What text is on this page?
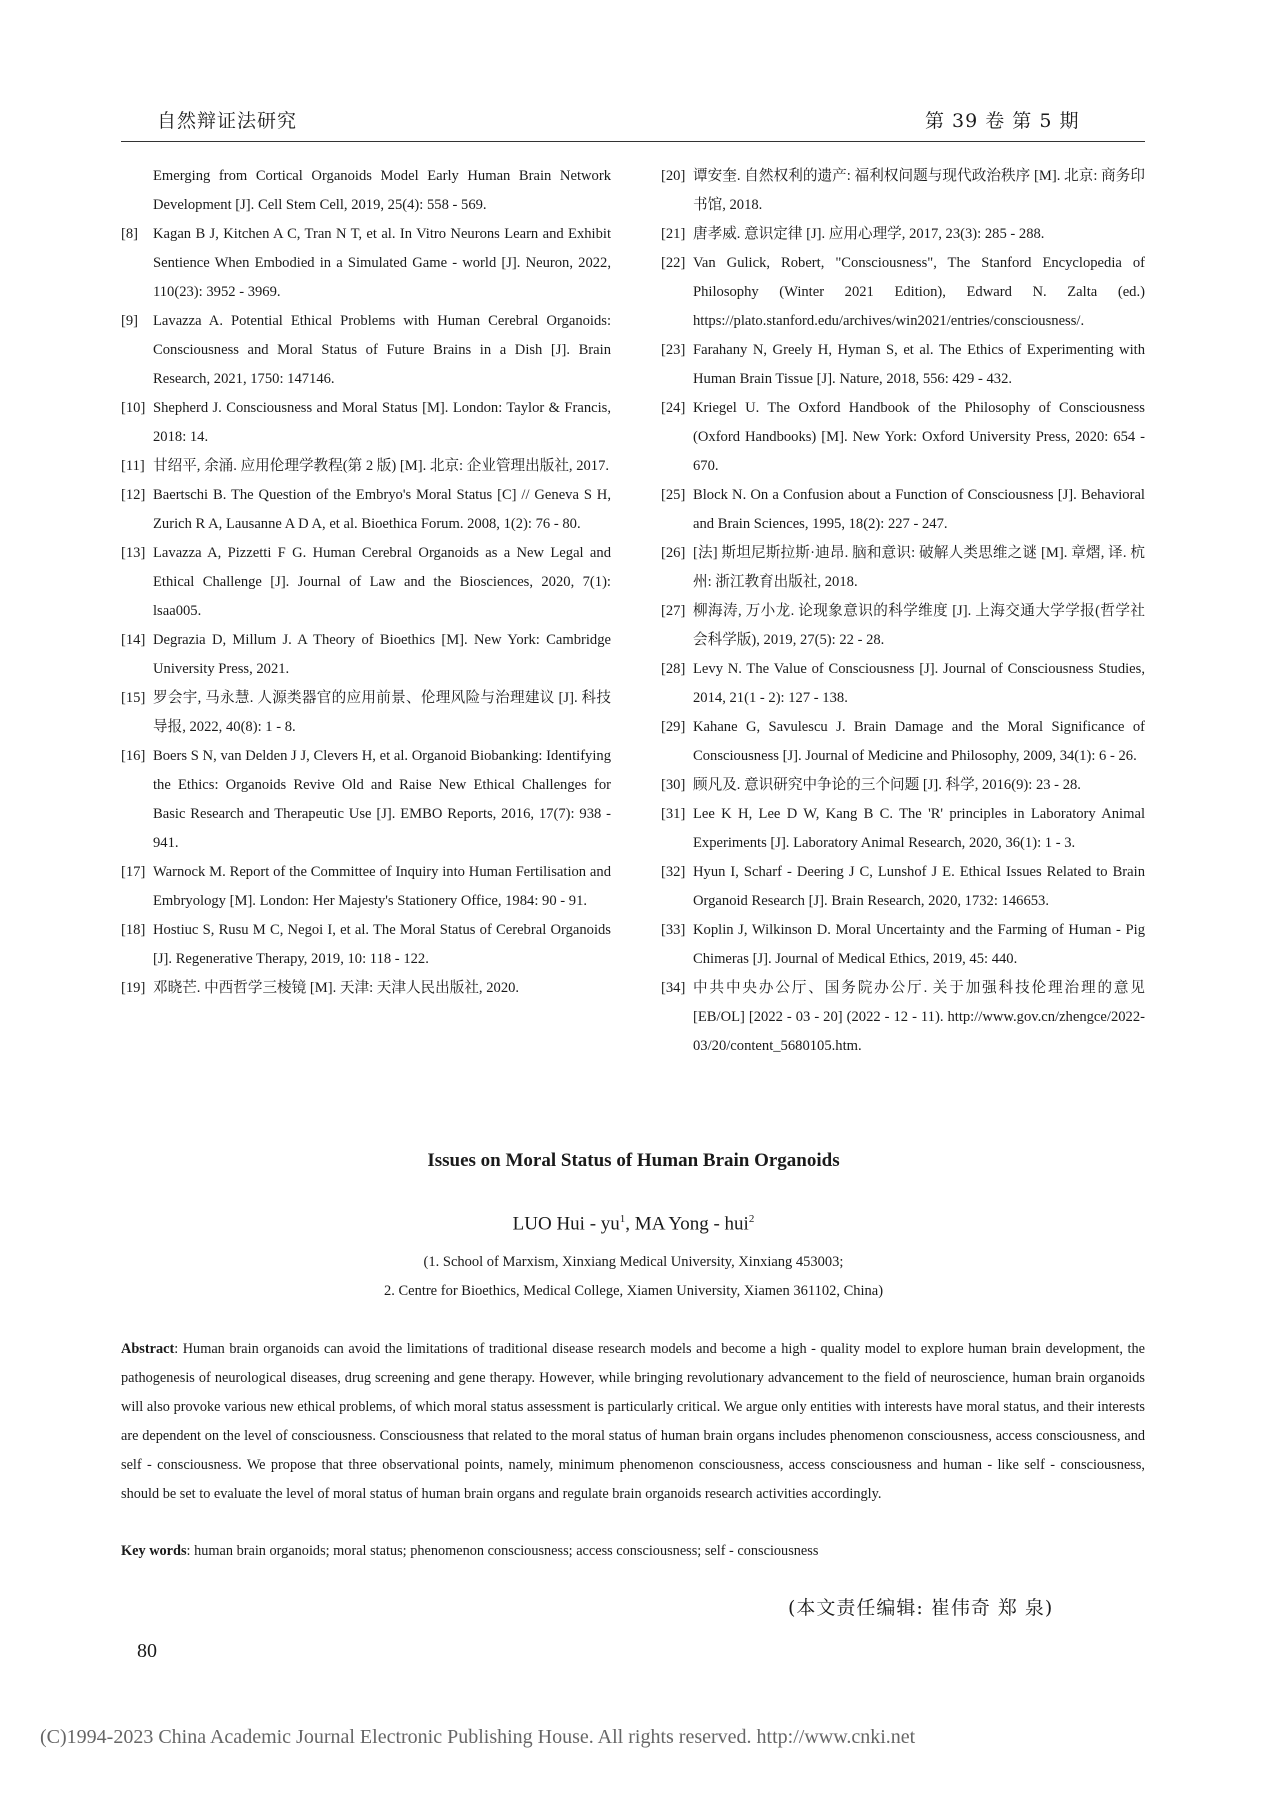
自然辩证法研究	第 39 卷 第 5 期
Emerging from Cortical Organoids Model Early Human Brain Network Development [J]. Cell Stem Cell, 2019, 25(4): 558 - 569.
[8] Kagan B J, Kitchen A C, Tran N T, et al. In Vitro Neurons Learn and Exhibit Sentience When Embodied in a Simulated Game - world [J]. Neuron, 2022, 110(23): 3952 - 3969.
[9] Lavazza A. Potential Ethical Problems with Human Cerebral Organoids: Consciousness and Moral Status of Future Brains in a Dish [J]. Brain Research, 2021, 1750: 147146.
[10] Shepherd J. Consciousness and Moral Status [M]. London: Taylor & Francis, 2018: 14.
[11] 甘绍平, 余涌. 应用伦理学教程(第 2 版) [M]. 北京: 企业管理出版社, 2017.
[12] Baertschi B. The Question of the Embryo's Moral Status [C] // Geneva S H, Zurich R A, Lausanne A D A, et al. Bioethica Forum. 2008, 1(2): 76 - 80.
[13] Lavazza A, Pizzetti F G. Human Cerebral Organoids as a New Legal and Ethical Challenge [J]. Journal of Law and the Biosciences, 2020, 7(1): lsaa005.
[14] Degrazia D, Millum J. A Theory of Bioethics [M]. New York: Cambridge University Press, 2021.
[15] 罗会宇, 马永慧. 人源类器官的应用前景、伦理风险与治理建议 [J]. 科技导报, 2022, 40(8): 1 - 8.
[16] Boers S N, van Delden J J, Clevers H, et al. Organoid Biobanking: Identifying the Ethics: Organoids Revive Old and Raise New Ethical Challenges for Basic Research and Therapeutic Use [J]. EMBO Reports, 2016, 17(7): 938 - 941.
[17] Warnock M. Report of the Committee of Inquiry into Human Fertilisation and Embryology [M]. London: Her Majesty's Stationery Office, 1984: 90 - 91.
[18] Hostiuc S, Rusu M C, Negoi I, et al. The Moral Status of Cerebral Organoids [J]. Regenerative Therapy, 2019, 10: 118 - 122.
[19] 邓晓芒. 中西哲学三棱镜 [M]. 天津: 天津人民出版社, 2020.
[20] 谭安奎. 自然权利的遗产: 福利权问题与现代政治秩序 [M]. 北京: 商务印书馆, 2018.
[21] 唐孝威. 意识定律 [J]. 应用心理学, 2017, 23(3): 285 - 288.
[22] Van Gulick, Robert, "Consciousness", The Stanford Encyclopedia of Philosophy (Winter 2021 Edition), Edward N. Zalta (ed.) https://plato.stanford.edu/archives/win2021/entries/consciousness/.
[23] Farahany N, Greely H, Hyman S, et al. The Ethics of Experimenting with Human Brain Tissue [J]. Nature, 2018, 556: 429 - 432.
[24] Kriegel U. The Oxford Handbook of the Philosophy of Consciousness (Oxford Handbooks) [M]. New York: Oxford University Press, 2020: 654 - 670.
[25] Block N. On a Confusion about a Function of Consciousness [J]. Behavioral and Brain Sciences, 1995, 18(2): 227 - 247.
[26] [法] 斯坦尼斯拉斯·迪昂. 脑和意识: 破解人类思维之谜 [M]. 章熠, 译. 杭州: 浙江教育出版社, 2018.
[27] 柳海涛, 万小龙. 论现象意识的科学维度 [J]. 上海交通大学学报(哲学社会科学版), 2019, 27(5): 22 - 28.
[28] Levy N. The Value of Consciousness [J]. Journal of Consciousness Studies, 2014, 21(1 - 2): 127 - 138.
[29] Kahane G, Savulescu J. Brain Damage and the Moral Significance of Consciousness [J]. Journal of Medicine and Philosophy, 2009, 34(1): 6 - 26.
[30] 顾凡及. 意识研究中争论的三个问题 [J]. 科学, 2016(9): 23 - 28.
[31] Lee K H, Lee D W, Kang B C. The 'R' principles in Laboratory Animal Experiments [J]. Laboratory Animal Research, 2020, 36(1): 1 - 3.
[32] Hyun I, Scharf - Deering J C, Lunshof J E. Ethical Issues Related to Brain Organoid Research [J]. Brain Research, 2020, 1732: 146653.
[33] Koplin J, Wilkinson D. Moral Uncertainty and the Farming of Human - Pig Chimeras [J]. Journal of Medical Ethics, 2019, 45: 440.
[34] 中共中央办公厅、国务院办公厅. 关于加强科技伦理治理的意见 [EB/OL] [2022 - 03 - 20] (2022 - 12 - 11). http://www.gov.cn/zhengce/2022-03/20/content_5680105.htm.
Issues on Moral Status of Human Brain Organoids
LUO Hui - $yu^1$, MA Yong - hui$^2$
(1. School of Marxism, Xinxiang Medical University, Xinxiang 453003;
2. Centre for Bioethics, Medical College, Xiamen University, Xiamen 361102, China)
Abstract: Human brain organoids can avoid the limitations of traditional disease research models and become a high - quality model to explore human brain development, the pathogenesis of neurological diseases, drug screening and gene therapy. However, while bringing revolutionary advancement to the field of neuroscience, human brain organoids will also provoke various new ethical problems, of which moral status assessment is particularly critical. We argue only entities with interests have moral status, and their interests are dependent on the level of consciousness. Consciousness that related to the moral status of human brain organs includes phenomenon consciousness, access consciousness, and self - consciousness. We propose that three observational points, namely, minimum phenomenon consciousness, access consciousness and human - like self - consciousness, should be set to evaluate the level of moral status of human brain organs and regulate brain organoids research activities accordingly.
Key words: human brain organoids; moral status; phenomenon consciousness; access consciousness; self - consciousness
(本文责任编辑: 崔伟奇 郑 泉)
80
(C)1994-2023 China Academic Journal Electronic Publishing House. All rights reserved. http://www.cnki.net
